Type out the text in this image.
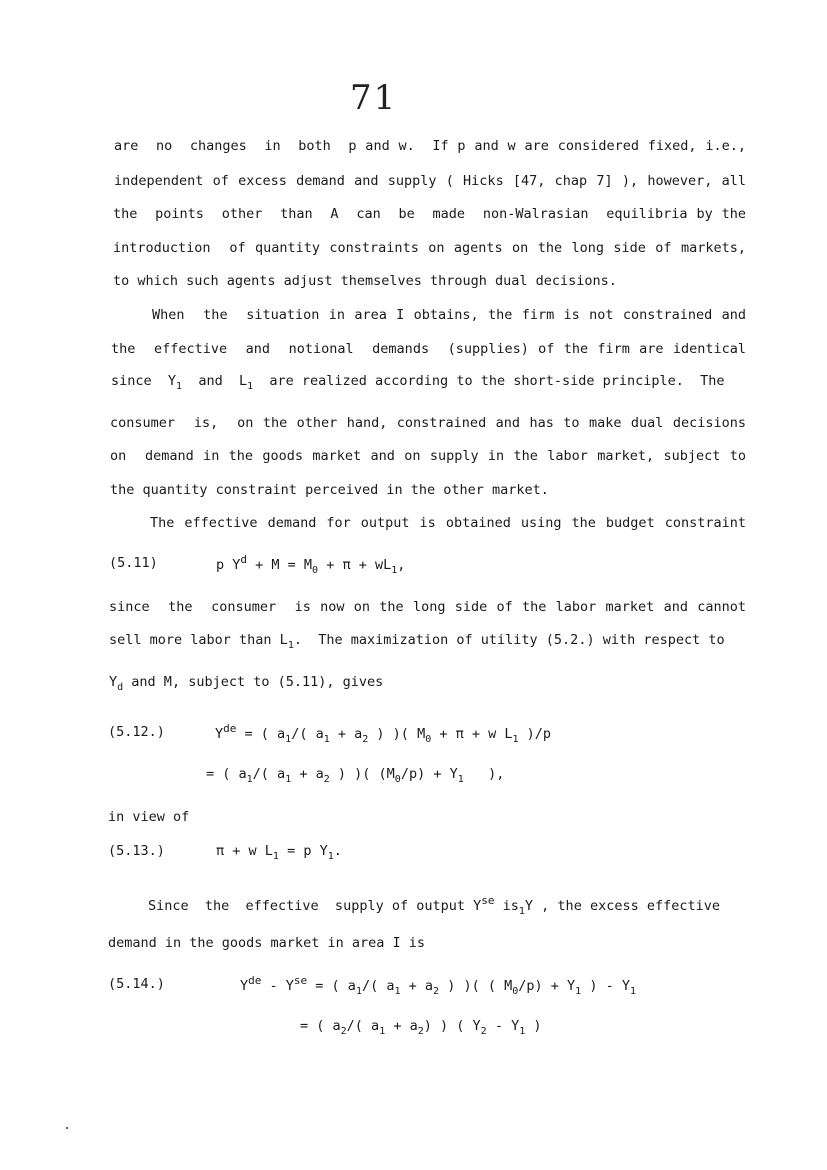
71
are  no  changes  in  both  p and w.  If p and w are considered fixed, i.e.,
independent of excess demand and supply ( Hicks [47, chap 7] ), however, all
the  points  other  than  A  can  be  made  non-Walrasian  equilibria by the
introduction  of quantity constraints on agents on the long side of markets,
to which such agents adjust themselves through dual decisions.
When  the  situation in area I obtains, the firm is not constrained and
the  effective  and  notional  demands  (supplies) of the firm are identical
since  $Y_1$  and  $L_1$  are realized according to the short-side principle.  The
consumer  is,  on the other hand, constrained and has to make dual decisions
on  demand in the goods market and on supply in the labor market, subject to
the quantity constraint perceived in the other market.
The effective demand for output is obtained using the budget constraint
(5.11)	p $Y^d + M = M_0 + \pi + wL_1$,
since  the  consumer  is now on the long side of the labor market and cannot
sell more labor than $L_1$.  The maximization of utility (5.2.) with respect to
$Y_d$ and M, subject to (5.11), gives
(5.12.)	$Y^{de}$ = ( $a_1/$( $a_1 + a_2$ ) )( $M_0 + \pi + w$ $L_1$ )/p
= ( $a_1/$( $a_1 + a_2$ ) )( $(M_0/p) + Y_1$   ),
in view of
(5.13.)	π + w $L_1 = p$ $Y_1$.
Since  the  effective  supply of output $Y^{se}$ $is_1Y$ , the excess effective
demand in the goods market in area I is
(5.14.)	$Y^{de} - Y^{se}$ = ( $a_1/$( $a_1 + a_2$ ) )( ( $M_0/p) + Y_1$ ) - $Y_1$
= ( $a_2/$( $a_1 + a_2$) ) ( $Y_2 - Y_1$ )
